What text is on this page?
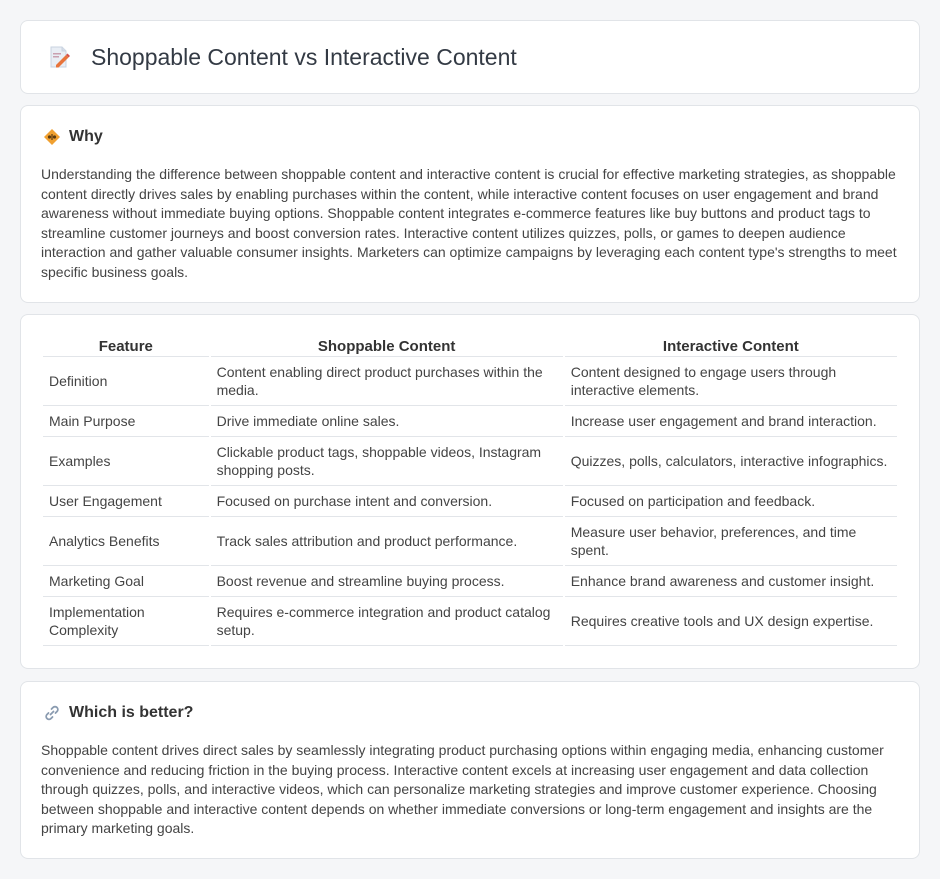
Shoppable Content vs Interactive Content
Why

Understanding the difference between shoppable content and interactive content is crucial for effective marketing strategies, as shoppable content directly drives sales by enabling purchases within the content, while interactive content focuses on user engagement and brand awareness without immediate buying options. Shoppable content integrates e-commerce features like buy buttons and product tags to streamline customer journeys and boost conversion rates. Interactive content utilizes quizzes, polls, or games to deepen audience interaction and gather valuable consumer insights. Marketers can optimize campaigns by leveraging each content type's strengths to meet specific business goals.

Feature	Shoppable Content	Interactive Content
Definition	Content enabling direct product purchases within the media.	Content designed to engage users through interactive elements.
Main Purpose	Drive immediate online sales.	Increase user engagement and brand interaction.
Examples	Clickable product tags, shoppable videos, Instagram shopping posts.	Quizzes, polls, calculators, interactive infographics.
User Engagement	Focused on purchase intent and conversion.	Focused on participation and feedback.
Analytics Benefits	Track sales attribution and product performance.	Measure user behavior, preferences, and time spent.
Marketing Goal	Boost revenue and streamline buying process.	Enhance brand awareness and customer insight.
Implementation Complexity	Requires e-commerce integration and product catalog setup.	Requires creative tools and UX design expertise.
Which is better?

Shoppable content drives direct sales by seamlessly integrating product purchasing options within engaging media, enhancing customer convenience and reducing friction in the buying process. Interactive content excels at increasing user engagement and data collection through quizzes, polls, and interactive videos, which can personalize marketing strategies and improve customer experience. Choosing between shoppable and interactive content depends on whether immediate conversions or long-term engagement and insights are the primary marketing goals.
